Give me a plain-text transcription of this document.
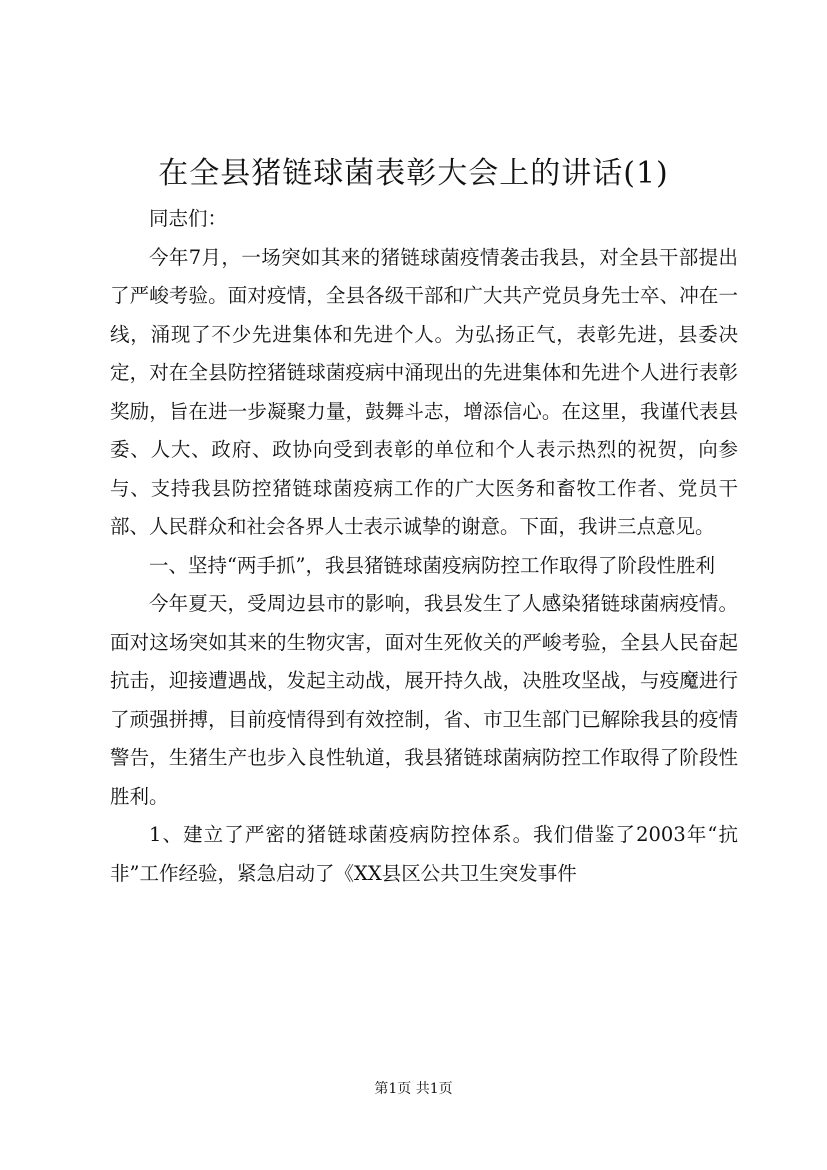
在全县猪链球菌表彰大会上的讲话(1)

同志们：

今年7月，一场突如其来的猪链球菌疫情袭击我县，对全县干部提出了严峻考验。面对疫情，全县各级干部和广大共产党员身先士卒、冲在一线，涌现了不少先进集体和先进个人。为弘扬正气，表彰先进，县委决定，对在全县防控猪链球菌疫病中涌现出的先进集体和先进个人进行表彰奖励，旨在进一步凝聚力量，鼓舞斗志，增添信心。在这里，我谨代表县委、人大、政府、政协向受到表彰的单位和个人表示热烈的祝贺，向参与、支持我县防控猪链球菌疫病工作的广大医务和畜牧工作者、党员干部、人民群众和社会各界人士表示诚挚的谢意。下面，我讲三点意见。

一、坚持“两手抓”，我县猪链球菌疫病防控工作取得了阶段性胜利

今年夏天，受周边县市的影响，我县发生了人感染猪链球菌病疫情。面对这场突如其来的生物灾害，面对生死攸关的严峻考验，全县人民奋起抗击，迎接遭遇战，发起主动战，展开持久战，决胜攻坚战，与疫魔进行了顽强拼搏，目前疫情得到有效控制，省、市卫生部门已解除我县的疫情警告，生猪生产也步入良性轨道，我县猪链球菌病防控工作取得了阶段性胜利。

1、建立了严密的猪链球菌疫病防控体系。我们借鉴了2003年“抗非”工作经验，紧急启动了《XX县区公共卫生突发事件

第1页 共1页
